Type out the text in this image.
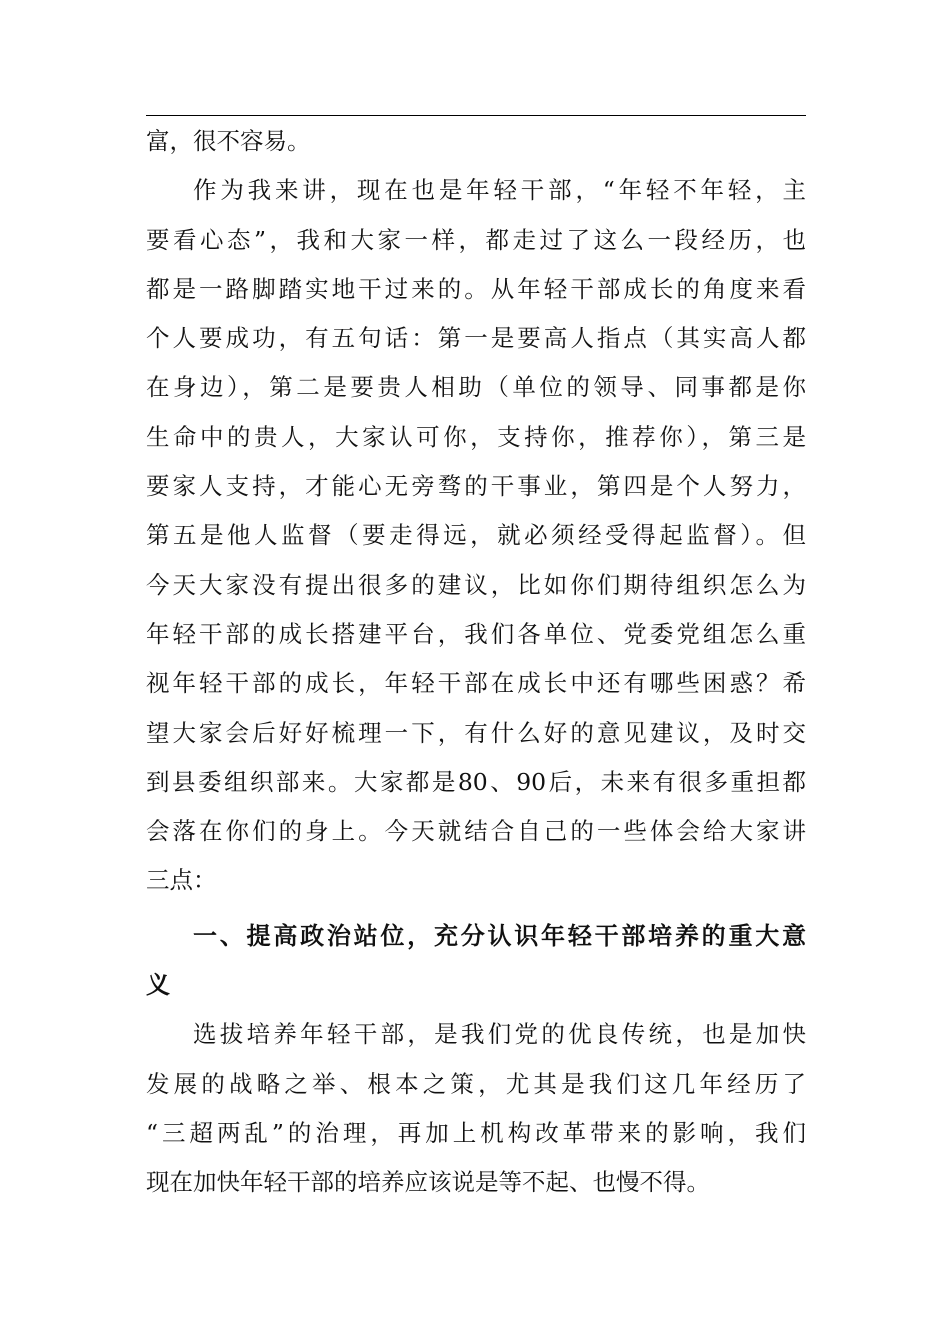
富，很不容易。
作为我来讲，现在也是年轻干部，“年轻不年轻，主
要看心态”，我和大家一样，都走过了这么一段经历，也
都是一路脚踏实地干过来的。从年轻干部成长的角度来看
个人要成功，有五句话：第一是要高人指点（其实高人都
在身边），第二是要贵人相助（单位的领导、同事都是你
生命中的贵人，大家认可你，支持你，推荐你），第三是
要家人支持，才能心无旁骛的干事业，第四是个人努力，
第五是他人监督（要走得远，就必须经受得起监督）。但
今天大家没有提出很多的建议，比如你们期待组织怎么为
年轻干部的成长搭建平台，我们各单位、党委党组怎么重
视年轻干部的成长，年轻干部在成长中还有哪些困惑？希
望大家会后好好梳理一下，有什么好的意见建议，及时交
到县委组织部来。大家都是80、90后，未来有很多重担都
会落在你们的身上。今天就结合自己的一些体会给大家讲
三点：
一、提高政治站位，充分认识年轻干部培养的重大意
义
选拔培养年轻干部，是我们党的优良传统，也是加快
发展的战略之举、根本之策，尤其是我们这几年经历了
“三超两乱”的治理，再加上机构改革带来的影响，我们
现在加快年轻干部的培养应该说是等不起、也慢不得。
